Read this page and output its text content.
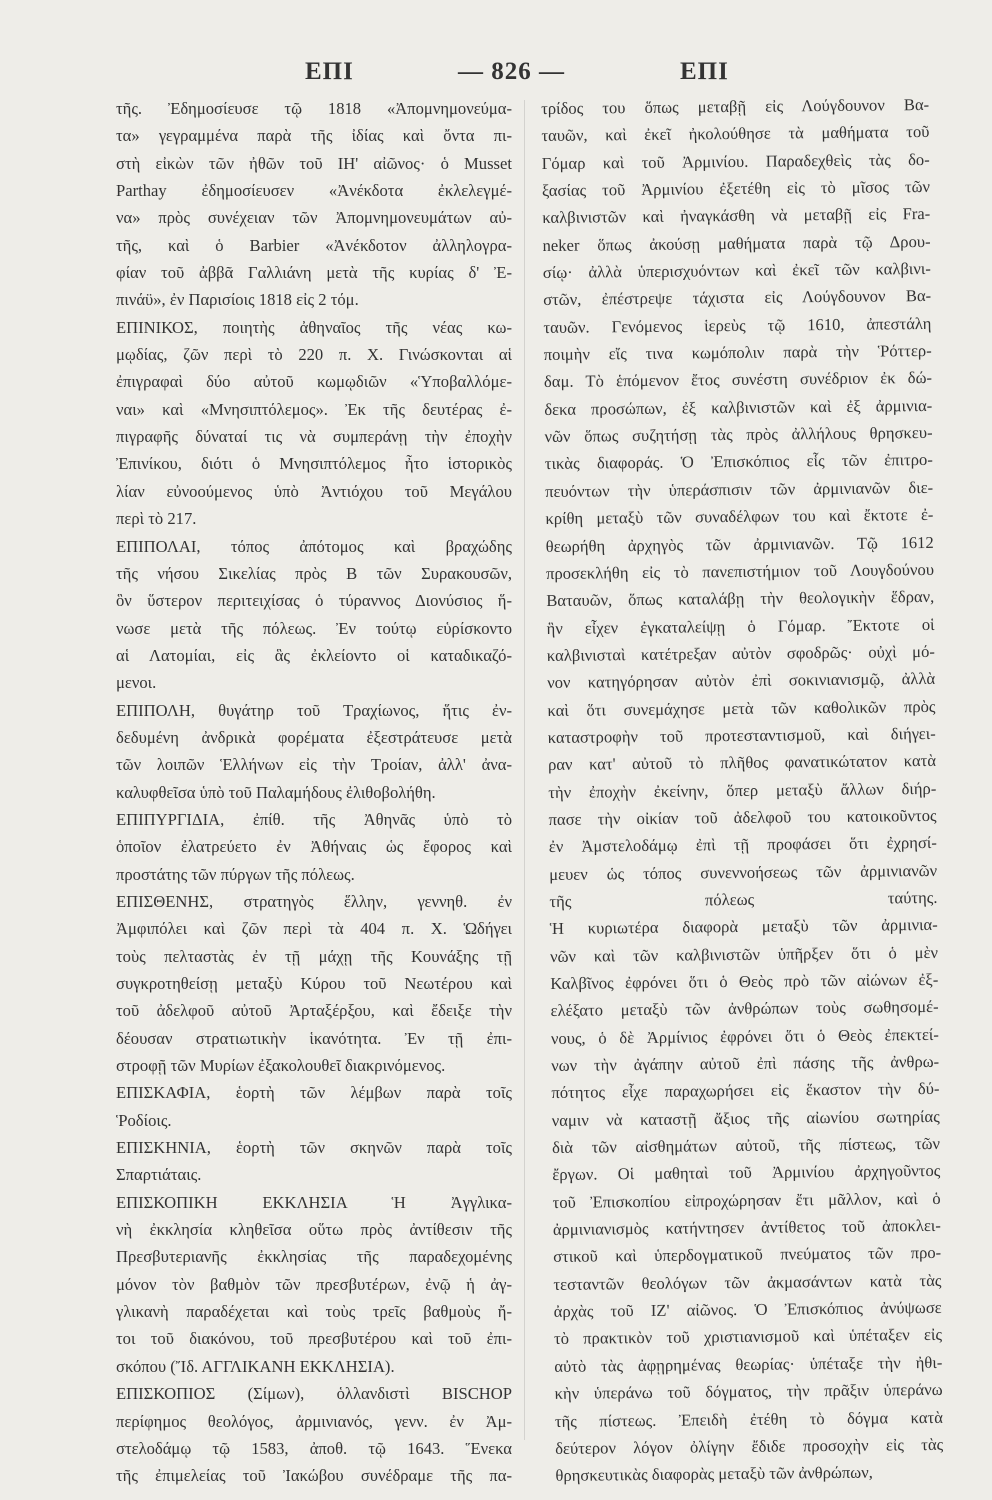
ΕΠΙ	— 826 —	ΕΠΙ
τῆς. Ἐδημοσίευσε τῷ 1818 «Ἀπομνημονεύμα-
τα» γεγραμμένα παρὰ τῆς ἰδίας καὶ ὄντα πι-
στὴ εἰκὼν τῶν ἠθῶν τοῦ ΙΗ' αἰῶνος· ὁ Musset
Parthay ἐδημοσίευσεν «Ἀνέκδοτα ἐκλελεγμέ-
να» πρὸς συνέχειαν τῶν Ἀπομνημονευμάτων αὐ-
τῆς, καὶ ὁ Barbier «Ἀνέκδοτον ἀλληλογρα-
φίαν τοῦ ἀββᾶ Γαλλιάνη μετὰ τῆς κυρίας δ' Ἐ-
πινάϋ», ἐν Παρισίοις 1818 εἰς 2 τόμ.
ΕΠΙΝΙΚΟΣ, ποιητὴς ἀθηναῖος τῆς νέας κω-
μῳδίας, ζῶν περὶ τὸ 220 π. Χ. Γινώσκονται αἱ
ἐπιγραφαὶ δύο αὐτοῦ κωμῳδιῶν «Ὑποβαλλόμε-
ναι» καὶ «Μνησιπτόλεμος». Ἐκ τῆς δευτέρας ἐ-
πιγραφῆς δύναταί τις νὰ συμπεράνῃ τὴν ἐποχὴν
Ἐπινίκου, διότι ὁ Μνησιπτόλεμος ἦτο ἱστορικὸς
λίαν εὐνοούμενος ὑπὸ Ἀντιόχου τοῦ Μεγάλου
περὶ τὸ 217.
ΕΠΙΠΟΛΑΙ, τόπος ἀπότομος καὶ βραχώδης
τῆς νήσου Σικελίας πρὸς Β τῶν Συρακουσῶν,
ὃν ὕστερον περιτειχίσας ὁ τύραννος Διονύσιος ἥ-
νωσε μετὰ τῆς πόλεως. Ἐν τούτῳ εὑρίσκοντο
αἱ Λατομίαι, εἰς ἃς ἐκλείοντο οἱ καταδικαζό-
μενοι.
ΕΠΙΠΟΛΗ, θυγάτηρ τοῦ Τραχίωνος, ἥτις ἐν-
δεδυμένη ἀνδρικὰ φορέματα ἐξεστράτευσε μετὰ
τῶν λοιπῶν Ἑλλήνων εἰς τὴν Τροίαν, ἀλλ' ἀνα-
καλυφθεῖσα ὑπὸ τοῦ Παλαμήδους ἐλιθοβολήθη.
ΕΠΙΠΥΡΓΙΔΙΑ, ἐπίθ. τῆς Ἀθηνᾶς ὑπὸ τὸ
ὁποῖον ἐλατρεύετο ἐν Ἀθήναις ὡς ἔφορος καὶ
προστάτης τῶν πύργων τῆς πόλεως.
ΕΠΙΣΘΕΝΗΣ, στρατηγὸς ἕλλην, γεννηθ. ἐν
Ἀμφιπόλει καὶ ζῶν περὶ τὰ 404 π. Χ. Ὡδήγει
τοὺς πελταστὰς ἐν τῇ μάχῃ τῆς Κουνάξης τῇ
συγκροτηθείσῃ μεταξὺ Κύρου τοῦ Νεωτέρου καὶ
τοῦ ἀδελφοῦ αὐτοῦ Ἀρταξέρξου, καὶ ἔδειξε τὴν
δέουσαν στρατιωτικὴν ἱκανότητα. Ἐν τῇ ἐπι-
στροφῇ τῶν Μυρίων ἐξακολουθεῖ διακρινόμενος.
ΕΠΙΣΚΑΦΙΑ, ἑορτὴ τῶν λέμβων παρὰ τοῖς
Ῥοδίοις.
ΕΠΙΣΚΗΝΙΑ, ἑορτὴ τῶν σκηνῶν παρὰ τοῖς
Σπαρτιάταις.
ΕΠΙΣΚΟΠΙΚΗ ΕΚΚΛΗΣΙΑ Ἡ Ἀγγλικα-
νὴ ἐκκλησία κληθεῖσα οὕτω πρὸς ἀντίθεσιν τῆς
Πρεσβυτεριανῆς ἐκκλησίας τῆς παραδεχομένης
μόνον τὸν βαθμὸν τῶν πρεσβυτέρων, ἐνῷ ἡ ἀγ-
γλικανὴ παραδέχεται καὶ τοὺς τρεῖς βαθμοὺς ἤ-
τοι τοῦ διακόνου, τοῦ πρεσβυτέρου καὶ τοῦ ἐπι-
σκόπου (Ἴδ. ΑΓΓΛΙΚΑΝΗ ΕΚΚΛΗΣΙΑ).
ΕΠΙΣΚΟΠΙΟΣ (Σίμων), ὁλλανδιστὶ BISCHOP
περίφημος θεολόγος, ἀρμινιανός, γενν. ἐν Ἀμ-
στελοδάμῳ τῷ 1583, ἀποθ. τῷ 1643. Ἕνεκα
τῆς ἐπιμελείας τοῦ Ἰακώβου συνέδραμε τῆς πα-
τρίδος του ὅπως μεταβῇ εἰς Λούγδουνον Βα-
ταυῶν, καὶ ἐκεῖ ἠκολούθησε τὰ μαθήματα τοῦ
Γόμαρ καὶ τοῦ Ἀρμινίου. Παραδεχθεὶς τὰς δο-
ξασίας τοῦ Ἀρμινίου ἐξετέθη εἰς τὸ μῖσος τῶν
καλβινιστῶν καὶ ἠναγκάσθη νὰ μεταβῇ εἰς Fra-
neker ὅπως ἀκούσῃ μαθήματα παρὰ τῷ Δρου-
σίῳ· ἀλλὰ ὑπερισχυόντων καὶ ἐκεῖ τῶν καλβινι-
στῶν, ἐπέστρεψε τάχιστα εἰς Λούγδουνον Βα-
ταυῶν. Γενόμενος ἱερεὺς τῷ 1610, ἀπεστάλη
ποιμὴν εἴς τινα κωμόπολιν παρὰ τὴν Ῥόττερ-
δαμ. Τὸ ἑπόμενον ἔτος συνέστη συνέδριον ἐκ δώ-
δεκα προσώπων, ἐξ καλβινιστῶν καὶ ἐξ ἀρμινια-
νῶν ὅπως συζητήσῃ τὰς πρὸς ἀλλήλους θρησκευ-
τικὰς διαφοράς. Ὁ Ἐπισκόπιος εἷς τῶν ἐπιτρο-
πευόντων τὴν ὑπεράσπισιν τῶν ἀρμινιανῶν διε-
κρίθη μεταξὺ τῶν συναδέλφων του καὶ ἔκτοτε ἐ-
θεωρήθη ἀρχηγὸς τῶν ἀρμινιανῶν. Τῷ 1612
προσεκλήθη εἰς τὸ πανεπιστήμιον τοῦ Λουγδούνου
Βαταυῶν, ὅπως καταλάβῃ τὴν θεολογικὴν ἕδραν,
ἣν εἶχεν ἐγκαταλείψῃ ὁ Γόμαρ. Ἔκτοτε οἱ
καλβινισταὶ κατέτρεξαν αὐτὸν σφοδρῶς· οὐχὶ μό-
νον κατηγόρησαν αὐτὸν ἐπὶ σοκινιανισμῷ, ἀλλὰ
καὶ ὅτι συνεμάχησε μετὰ τῶν καθολικῶν πρὸς
καταστροφὴν τοῦ προτεσταντισμοῦ, καὶ διήγει-
ραν κατ' αὐτοῦ τὸ πλῆθος φανατικώτατον κατὰ
τὴν ἐποχὴν ἐκείνην, ὅπερ μεταξὺ ἄλλων διήρ-
πασε τὴν οἰκίαν τοῦ ἀδελφοῦ του κατοικοῦντος
ἐν Ἀμστελοδάμῳ ἐπὶ τῇ προφάσει ὅτι ἐχρησί-
μευεν ὡς τόπος συνεννοήσεως τῶν ἀρμινιανῶν
τῆς πόλεως ταύτης.
Ἡ κυριωτέρα διαφορὰ μεταξὺ τῶν ἀρμινια-
νῶν καὶ τῶν καλβινιστῶν ὑπῆρξεν ὅτι ὁ μὲν
Καλβῖνος ἐφρόνει ὅτι ὁ Θεὸς πρὸ τῶν αἰώνων ἐξ-
ελέξατο μεταξὺ τῶν ἀνθρώπων τοὺς σωθησομέ-
νους, ὁ δὲ Ἀρμίνιος ἐφρόνει ὅτι ὁ Θεὸς ἐπεκτεί-
νων τὴν ἀγάπην αὐτοῦ ἐπὶ πάσης τῆς ἀνθρω-
πότητος εἶχε παραχωρήσει εἰς ἕκαστον τὴν δύ-
ναμιν νὰ καταστῇ ἄξιος τῆς αἰωνίου σωτηρίας
διὰ τῶν αἰσθημάτων αὐτοῦ, τῆς πίστεως, τῶν
ἔργων. Οἱ μαθηταὶ τοῦ Ἀρμινίου ἀρχηγοῦντος
τοῦ Ἐπισκοπίου εἰπροχώρησαν ἔτι μᾶλλον, καὶ ὁ
ἀρμινιανισμὸς κατήντησεν ἀντίθετος τοῦ ἀποκλει-
στικοῦ καὶ ὑπερδογματικοῦ πνεύματος τῶν προ-
τεσταντῶν θεολόγων τῶν ἀκμασάντων κατὰ τὰς
ἀρχὰς τοῦ ΙΖ' αἰῶνος. Ὁ Ἐπισκόπιος ἀνύψωσε
τὸ πρακτικὸν τοῦ χριστιανισμοῦ καὶ ὑπέταξεν εἰς
αὐτὸ τὰς ἀφῃρημένας θεωρίας· ὑπέταξε τὴν ἠθι-
κὴν ὑπεράνω τοῦ δόγματος, τὴν πρᾶξιν ὑπεράνω
τῆς πίστεως. Ἐπειδὴ ἐτέθη τὸ δόγμα κατὰ
δεύτερον λόγον ὀλίγην ἔδιδε προσοχὴν εἰς τὰς
θρησκευτικὰς διαφορὰς μεταξὺ τῶν ἀνθρώπων,
